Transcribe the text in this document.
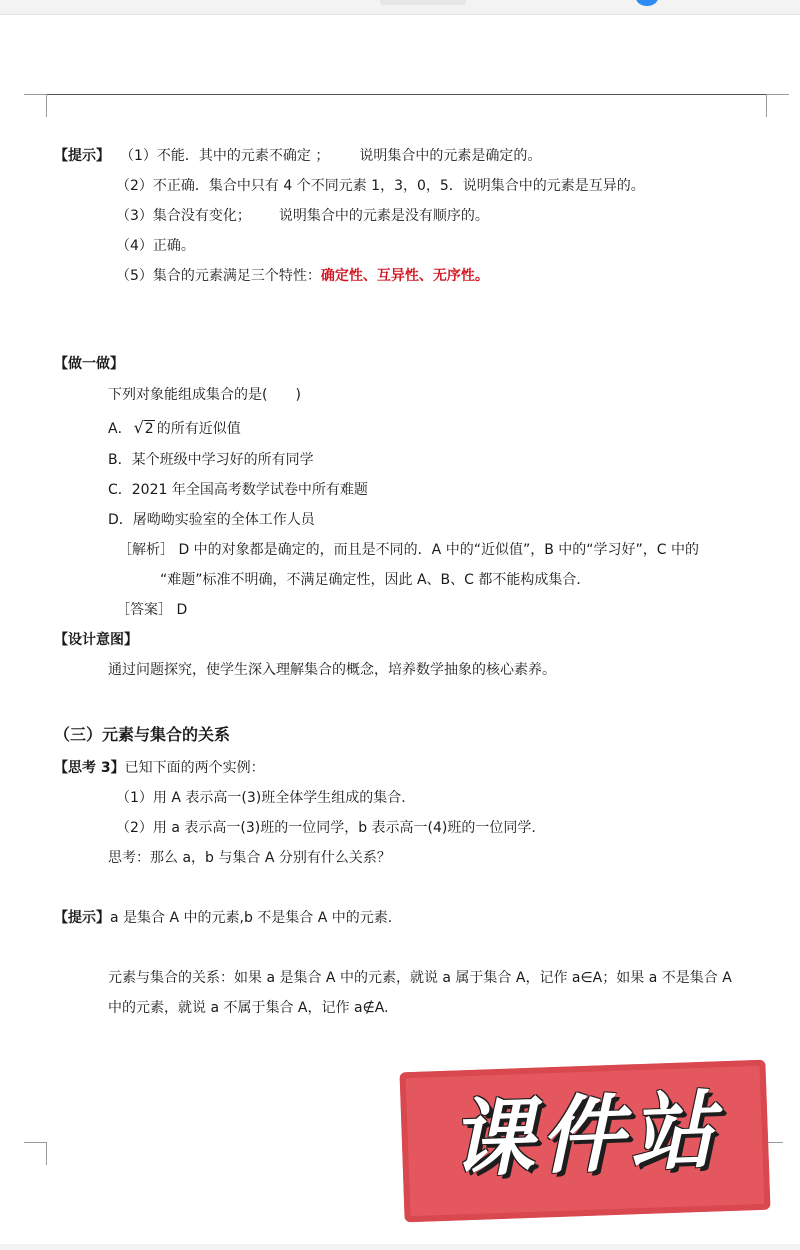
【提示】 （1）不能．其中的元素不确定 ； 说明集合中的元素是确定的。
（2）不正确．集合中只有 4 个不同元素 1，3，0，5．说明集合中的元素是互异的。
（3）集合没有变化； 说明集合中的元素是没有顺序的。
（4）正确。
（5）集合的元素满足三个特性：确定性、互异性、无序性。
【做一做】
下列对象能组成集合的是(　　)
A． √2 的所有近似值
B．某个班级中学习好的所有同学
C．2021 年全国高考数学试卷中所有难题
D．屠呦呦实验室的全体工作人员
［解析］ D 中的对象都是确定的，而且是不同的．A 中的“近似值”，B 中的“学习好”，C 中的
“难题”标准不明确，不满足确定性，因此 A、B、C 都不能构成集合．
［答案］ D
【设计意图】
通过问题探究，使学生深入理解集合的概念，培养数学抽象的核心素养。
（三）元素与集合的关系
【思考 3】已知下面的两个实例：
（1）用 A 表示高一(3)班全体学生组成的集合.
（2）用 a 表示高一(3)班的一位同学，b 表示高一(4)班的一位同学.
思考：那么 a，b 与集合 A 分别有什么关系？
【提示】a 是集合 A 中的元素,b 不是集合 A 中的元素.
元素与集合的关系：如果 a 是集合 A 中的元素，就说 a 属于集合 A，记作 a∈A；如果 a 不是集合 A
中的元素，就说 a 不属于集合 A，记作 a∉A.
课件站
